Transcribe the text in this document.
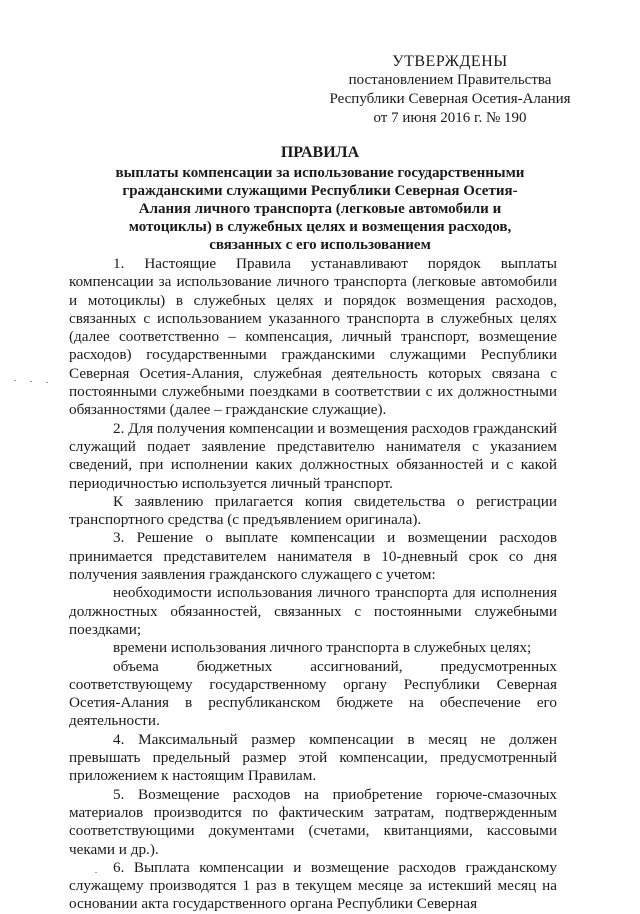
УТВЕРЖДЕНЫ
постановлением Правительства
Республики Северная Осетия-Алания
от 7 июня 2016 г. № 190
ПРАВИЛА
выплаты компенсации за использование государственными гражданскими служащими Республики Северная Осетия-Алания личного транспорта (легковые автомобили и мотоциклы) в служебных целях и возмещения расходов, связанных с его использованием

1. Настоящие Правила устанавливают порядок выплаты компенсации за использование личного транспорта (легковые автомобили и мотоциклы) в служебных целях и порядок возмещения расходов, связанных с использованием указанного транспорта в служебных целях (далее соответственно – компенсация, личный транспорт, возмещение расходов) государственными гражданскими служащими Республики Северная Осетия-Алания, служебная деятельность которых связана с постоянными служебными поездками в соответствии с их должностными обязанностями (далее – гражданские служащие).

2. Для получения компенсации и возмещения расходов гражданский служащий подает заявление представителю нанимателя с указанием сведений, при исполнении каких должностных обязанностей и с какой периодичностью используется личный транспорт.

К заявлению прилагается копия свидетельства о регистрации транспортного средства (с предъявлением оригинала).

3. Решение о выплате компенсации и возмещении расходов принимается представителем нанимателя в 10-дневный срок со дня получения заявления гражданского служащего с учетом:

необходимости использования личного транспорта для исполнения должностных обязанностей, связанных с постоянными служебными поездками;

времени использования личного транспорта в служебных целях;

объема бюджетных ассигнований, предусмотренных соответствующему государственному органу Республики Северная Осетия-Алания в республиканском бюджете на обеспечение его деятельности.

4. Максимальный размер компенсации в месяц не должен превышать предельный размер этой компенсации, предусмотренный приложением к настоящим Правилам.

5. Возмещение расходов на приобретение горюче-смазочных материалов производится по фактическим затратам, подтвержденным соответствующими документами (счетами, квитанциями, кассовыми чеками и др.).

6. Выплата компенсации и возмещение расходов гражданскому служащему производятся 1 раз в текущем месяце за истекший месяц на основании акта государственного органа Республики Северная
